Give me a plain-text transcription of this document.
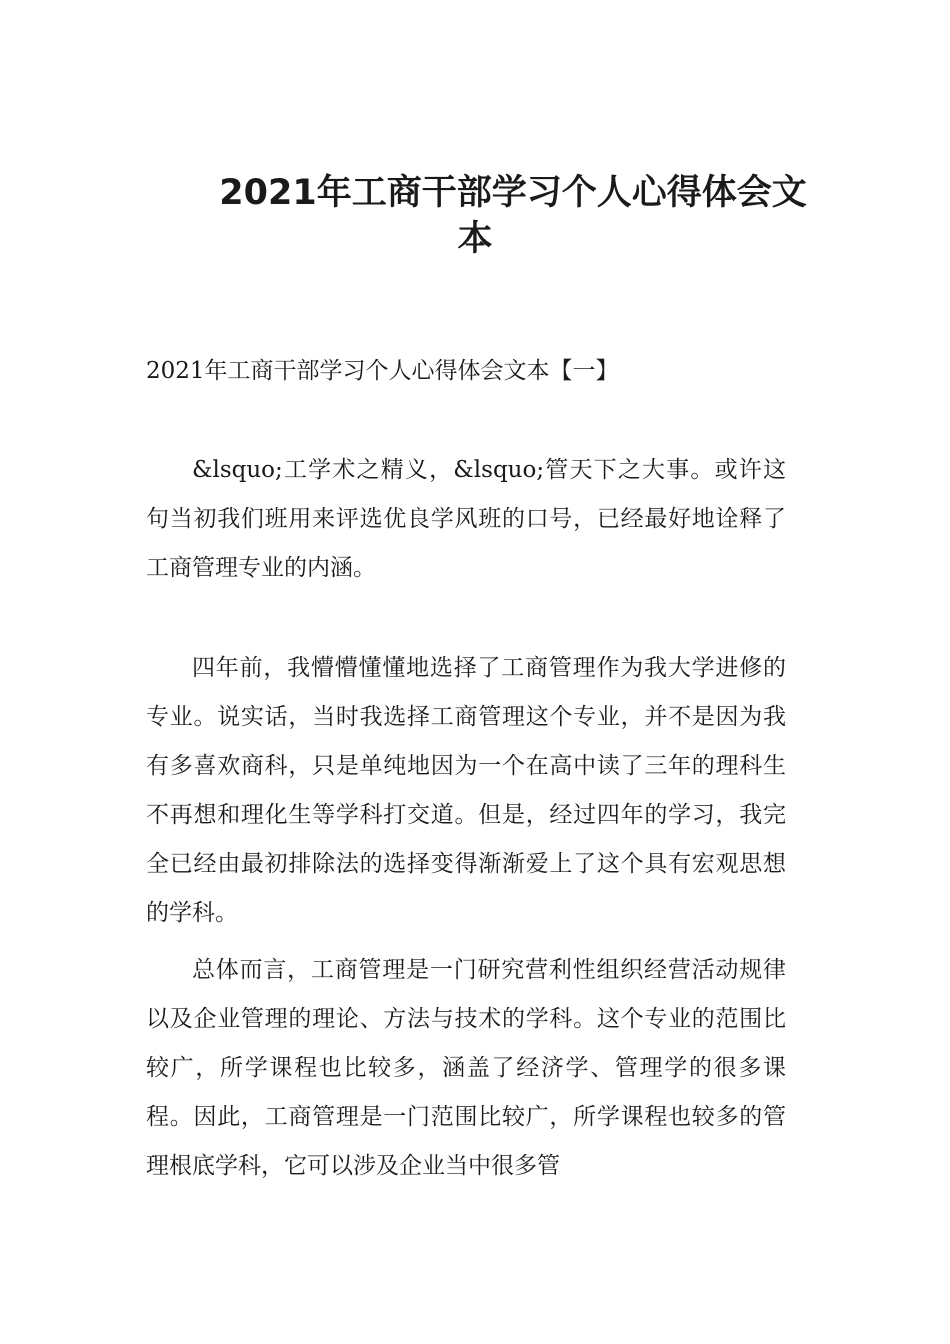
2021年工商干部学习个人心得体会文
本

2021年工商干部学习个人心得体会文本【一】

&lsquo;工学术之精义，&lsquo;管天下之大事。或许这句当初我们班用来评选优良学风班的口号，已经最好地诠释了工商管理专业的内涵。

四年前，我懵懵懂懂地选择了工商管理作为我大学进修的专业。说实话，当时我选择工商管理这个专业，并不是因为我有多喜欢商科，只是单纯地因为一个在高中读了三年的理科生不再想和理化生等学科打交道。但是，经过四年的学习，我完全已经由最初排除法的选择变得渐渐爱上了这个具有宏观思想的学科。

总体而言，工商管理是一门研究营利性组织经营活动规律以及企业管理的理论、方法与技术的学科。这个专业的范围比较广，所学课程也比较多，涵盖了经济学、管理学的很多课程。因此，工商管理是一门范围比较广，所学课程也较多的管理根底学科，它可以涉及企业当中很多管
